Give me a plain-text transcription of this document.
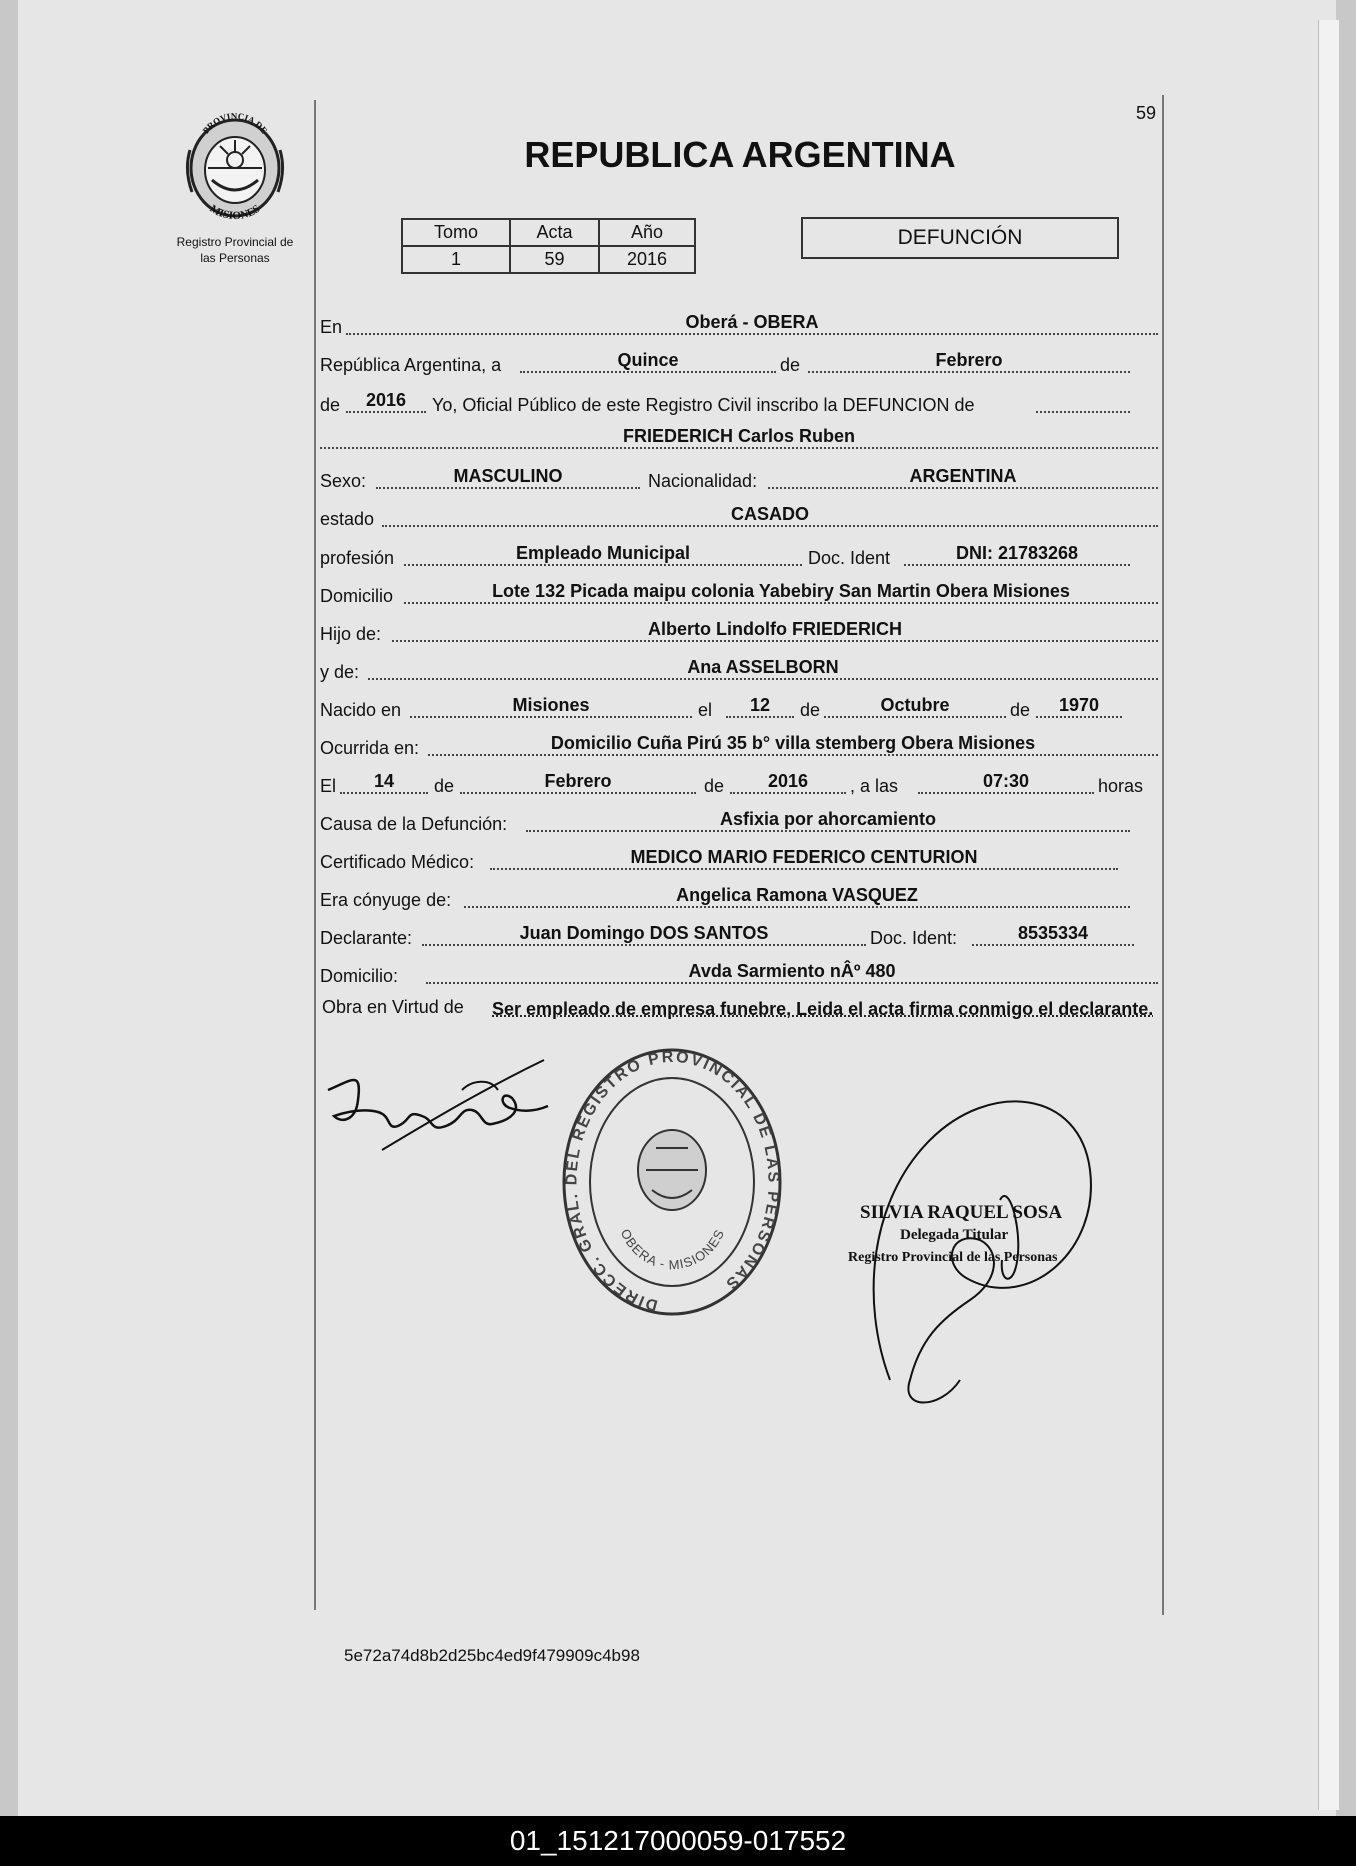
59
REPUBLICA ARGENTINA
PROVINCIA DE
MISIONES
Registro Provincial de
las Personas
Tomo	Acta	Año
1	59	2016
DEFUNCIÓN
En	Oberá - OBERA
República Argentina, a	Quince	de	Febrero
de	2016	Yo, Oficial Público de este Registro Civil inscribo la DEFUNCION de
FRIEDERICH Carlos Ruben
Sexo:	MASCULINO	Nacionalidad:	ARGENTINA
estado	CASADO
profesión	Empleado Municipal	Doc. Ident	DNI: 21783268
Domicilio	Lote 132 Picada maipu colonia Yabebiry San Martin Obera Misiones
Hijo de:	Alberto Lindolfo FRIEDERICH
y de:	Ana ASSELBORN
Nacido en	Misiones	el	12	de	Octubre	de	1970
Ocurrida en:	Domicilio Cuña Pirú 35 b° villa stemberg Obera Misiones
El	14	de	Febrero	de	2016	, a las	07:30	horas
Causa de la Defunción:	Asfixia por ahorcamiento
Certificado Médico:	MEDICO MARIO FEDERICO CENTURION
Era cónyuge de:	Angelica Ramona VASQUEZ
Declarante:	Juan Domingo DOS SANTOS	Doc. Ident:	8535334
Domicilio:	Avda Sarmiento nÂº 480
Obra en Virtud de	Ser empleado de empresa funebre, Leida el acta firma conmigo el declarante.
DIRECC. GRAL. DEL REGISTRO PROVINCIAL DE LAS PERSONAS
OBERA - MISIONES
SILVIA RAQUEL SOSA
Delegada Titular
Registro Provincial de las Personas
5e72a74d8b2d25bc4ed9f479909c4b98
01_151217000059-017552
